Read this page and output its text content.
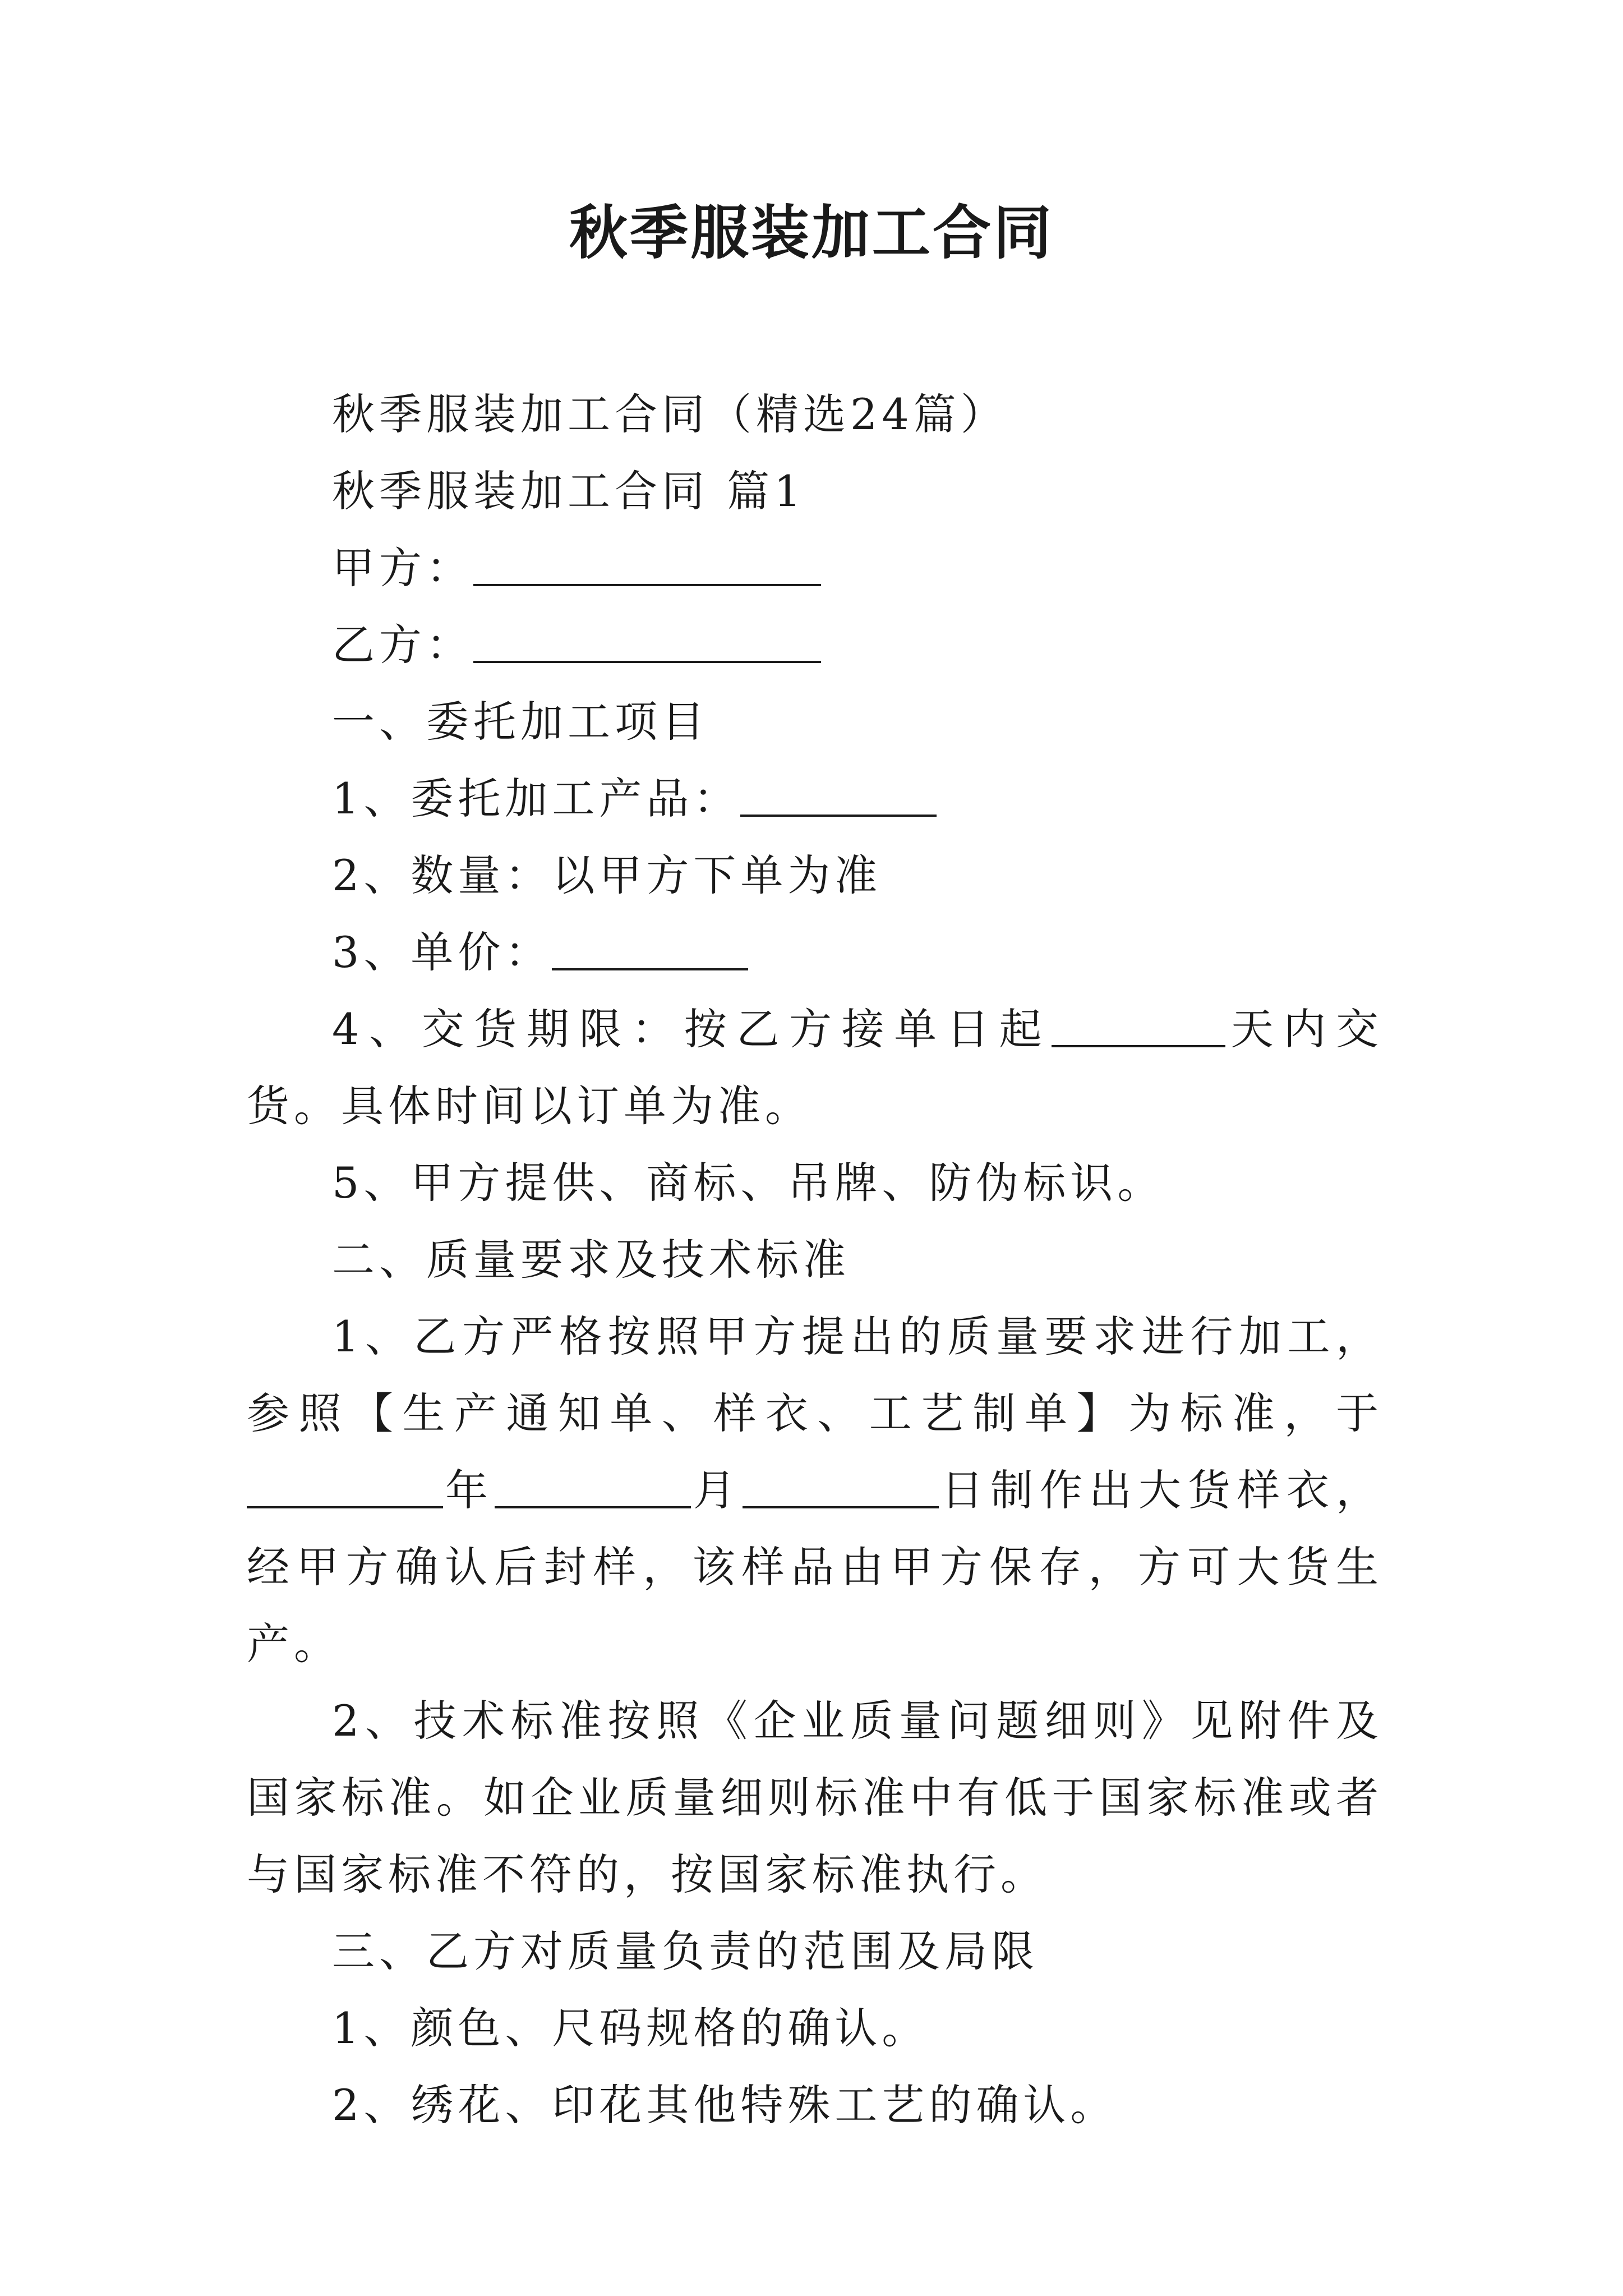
秋季服装加工合同

秋季服装加工合同（精选24篇）

秋季服装加工合同 篇1

甲方：

乙方：

一、委托加工项目

1、委托加工产品：

2、数量：以甲方下单为准

3、单价：

4、交货期限：按乙方接单日起	天内交货。具体时间以订单为准。

5、甲方提供、商标、吊牌、防伪标识。

二、质量要求及技术标准

1、乙方严格按照甲方提出的质量要求进行加工，参照【生产通知单、样衣、工艺制单】为标准，于年	月	日制作出大货样衣，经甲方确认后封样，该样品由甲方保存，方可大货生产。

2、技术标准按照《企业质量问题细则》见附件及国家标准。如企业质量细则标准中有低于国家标准或者与国家标准不符的，按国家标准执行。

三、乙方对质量负责的范围及局限

1、颜色、尺码规格的确认。

2、绣花、印花其他特殊工艺的确认。
